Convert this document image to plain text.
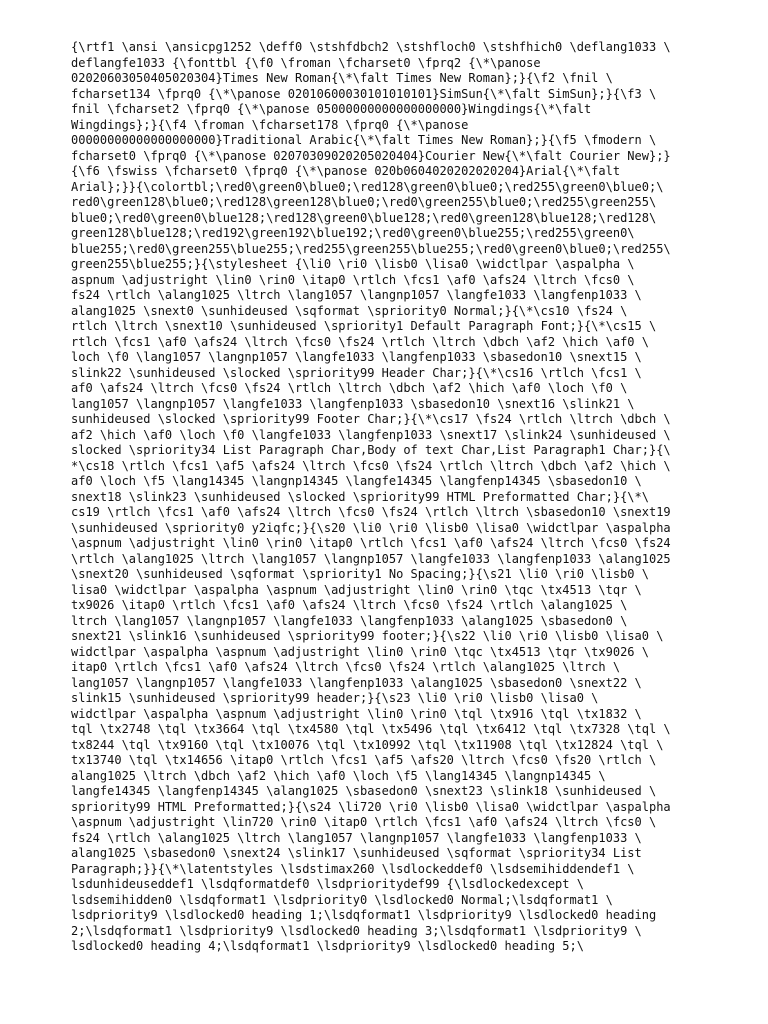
{\rtf1 \ansi \ansicpg1252 \deff0 \stshfdbch2 \stshfloch0 \stshfhich0 \deflang1033 \
deflangfe1033 {\fonttbl {\f0 \froman \fcharset0 \fprq2 {\*\panose
02020603050405020304}Times New Roman{\*\falt Times New Roman};}{\f2 \fnil \
fcharset134 \fprq0 {\*\panose 02010600030101010101}SimSun{\*\falt SimSun};}{\f3 \
fnil \fcharset2 \fprq0 {\*\panose 05000000000000000000}Wingdings{\*\falt
Wingdings};}{\f4 \froman \fcharset178 \fprq0 {\*\panose
00000000000000000000}Traditional Arabic{\*\falt Times New Roman};}{\f5 \fmodern \
fcharset0 \fprq0 {\*\panose 02070309020205020404}Courier New{\*\falt Courier New};}
{\f6 \fswiss \fcharset0 \fprq0 {\*\panose 020b0604020202020204}Arial{\*\falt
Arial};}}{\colortbl;\red0\green0\blue0;\red128\green0\blue0;\red255\green0\blue0;\
red0\green128\blue0;\red128\green128\blue0;\red0\green255\blue0;\red255\green255\
blue0;\red0\green0\blue128;\red128\green0\blue128;\red0\green128\blue128;\red128\
green128\blue128;\red192\green192\blue192;\red0\green0\blue255;\red255\green0\
blue255;\red0\green255\blue255;\red255\green255\blue255;\red0\green0\blue0;\red255\
green255\blue255;}{\stylesheet {\li0 \ri0 \lisb0 \lisa0 \widctlpar \aspalpha \
aspnum \adjustright \lin0 \rin0 \itap0 \rtlch \fcs1 \af0 \afs24 \ltrch \fcs0 \
fs24 \rtlch \alang1025 \ltrch \lang1057 \langnp1057 \langfe1033 \langfenp1033 \
alang1025 \snext0 \sunhideused \sqformat \spriority0 Normal;}{\*\cs10 \fs24 \
rtlch \ltrch \snext10 \sunhideused \spriority1 Default Paragraph Font;}{\*\cs15 \
rtlch \fcs1 \af0 \afs24 \ltrch \fcs0 \fs24 \rtlch \ltrch \dbch \af2 \hich \af0 \
loch \f0 \lang1057 \langnp1057 \langfe1033 \langfenp1033 \sbasedon10 \snext15 \
slink22 \sunhideused \slocked \spriority99 Header Char;}{\*\cs16 \rtlch \fcs1 \
af0 \afs24 \ltrch \fcs0 \fs24 \rtlch \ltrch \dbch \af2 \hich \af0 \loch \f0 \
lang1057 \langnp1057 \langfe1033 \langfenp1033 \sbasedon10 \snext16 \slink21 \
sunhideused \slocked \spriority99 Footer Char;}{\*\cs17 \fs24 \rtlch \ltrch \dbch \
af2 \hich \af0 \loch \f0 \langfe1033 \langfenp1033 \snext17 \slink24 \sunhideused \
slocked \spriority34 List Paragraph Char,Body of text Char,List Paragraph1 Char;}{\
*\cs18 \rtlch \fcs1 \af5 \afs24 \ltrch \fcs0 \fs24 \rtlch \ltrch \dbch \af2 \hich \
af0 \loch \f5 \lang14345 \langnp14345 \langfe14345 \langfenp14345 \sbasedon10 \
snext18 \slink23 \sunhideused \slocked \spriority99 HTML Preformatted Char;}{\*\
cs19 \rtlch \fcs1 \af0 \afs24 \ltrch \fcs0 \fs24 \rtlch \ltrch \sbasedon10 \snext19
\sunhideused \spriority0 y2iqfc;}{\s20 \li0 \ri0 \lisb0 \lisa0 \widctlpar \aspalpha
\aspnum \adjustright \lin0 \rin0 \itap0 \rtlch \fcs1 \af0 \afs24 \ltrch \fcs0 \fs24
\rtlch \alang1025 \ltrch \lang1057 \langnp1057 \langfe1033 \langfenp1033 \alang1025
\snext20 \sunhideused \sqformat \spriority1 No Spacing;}{\s21 \li0 \ri0 \lisb0 \
lisa0 \widctlpar \aspalpha \aspnum \adjustright \lin0 \rin0 \tqc \tx4513 \tqr \
tx9026 \itap0 \rtlch \fcs1 \af0 \afs24 \ltrch \fcs0 \fs24 \rtlch \alang1025 \
ltrch \lang1057 \langnp1057 \langfe1033 \langfenp1033 \alang1025 \sbasedon0 \
snext21 \slink16 \sunhideused \spriority99 footer;}{\s22 \li0 \ri0 \lisb0 \lisa0 \
widctlpar \aspalpha \aspnum \adjustright \lin0 \rin0 \tqc \tx4513 \tqr \tx9026 \
itap0 \rtlch \fcs1 \af0 \afs24 \ltrch \fcs0 \fs24 \rtlch \alang1025 \ltrch \
lang1057 \langnp1057 \langfe1033 \langfenp1033 \alang1025 \sbasedon0 \snext22 \
slink15 \sunhideused \spriority99 header;}{\s23 \li0 \ri0 \lisb0 \lisa0 \
widctlpar \aspalpha \aspnum \adjustright \lin0 \rin0 \tql \tx916 \tql \tx1832 \
tql \tx2748 \tql \tx3664 \tql \tx4580 \tql \tx5496 \tql \tx6412 \tql \tx7328 \tql \
tx8244 \tql \tx9160 \tql \tx10076 \tql \tx10992 \tql \tx11908 \tql \tx12824 \tql \
tx13740 \tql \tx14656 \itap0 \rtlch \fcs1 \af5 \afs20 \ltrch \fcs0 \fs20 \rtlch \
alang1025 \ltrch \dbch \af2 \hich \af0 \loch \f5 \lang14345 \langnp14345 \
langfe14345 \langfenp14345 \alang1025 \sbasedon0 \snext23 \slink18 \sunhideused \
spriority99 HTML Preformatted;}{\s24 \li720 \ri0 \lisb0 \lisa0 \widctlpar \aspalpha
\aspnum \adjustright \lin720 \rin0 \itap0 \rtlch \fcs1 \af0 \afs24 \ltrch \fcs0 \
fs24 \rtlch \alang1025 \ltrch \lang1057 \langnp1057 \langfe1033 \langfenp1033 \
alang1025 \sbasedon0 \snext24 \slink17 \sunhideused \sqformat \spriority34 List
Paragraph;}}{\*\latentstyles \lsdstimax260 \lsdlockeddef0 \lsdsemihiddendef1 \
lsdunhideuseddef1 \lsdqformatdef0 \lsdprioritydef99 {\lsdlockedexcept \
lsdsemihidden0 \lsdqformat1 \lsdpriority0 \lsdlocked0 Normal;\lsdqformat1 \
lsdpriority9 \lsdlocked0 heading 1;\lsdqformat1 \lsdpriority9 \lsdlocked0 heading
2;\lsdqformat1 \lsdpriority9 \lsdlocked0 heading 3;\lsdqformat1 \lsdpriority9 \
lsdlocked0 heading 4;\lsdqformat1 \lsdpriority9 \lsdlocked0 heading 5;\
